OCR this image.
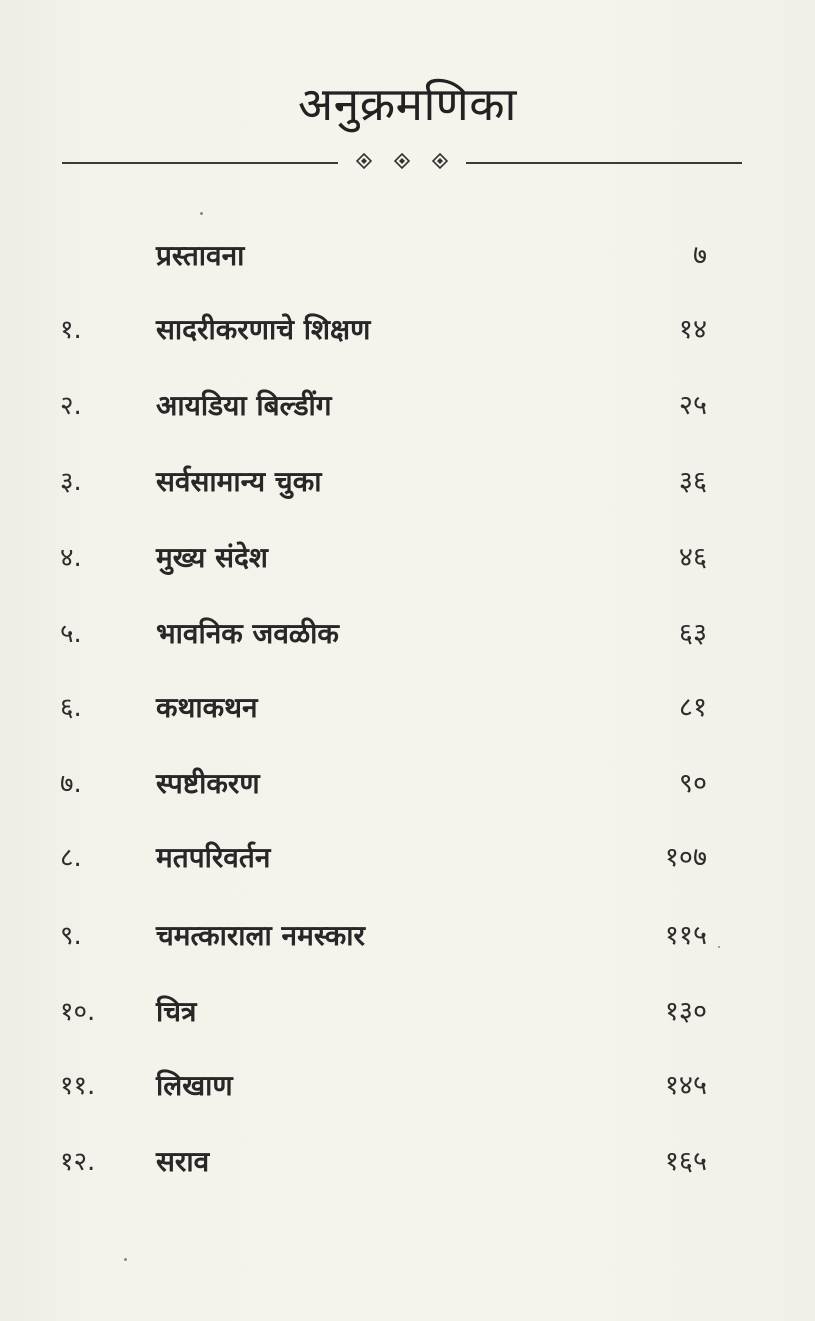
अनुक्रमणिका
प्रस्तावना	७
१.	सादरीकरणाचे शिक्षण	१४
२.	आयडिया बिल्डींग	२५
३.	सर्वसामान्य चुका	३६
४.	मुख्य संदेश	४६
५.	भावनिक जवळीक	६३
६.	कथाकथन	८१
७.	स्पष्टीकरण	९०
८.	मतपरिवर्तन	१०७
९.	चमत्काराला नमस्कार	११५
१०. चित्र	१३०
११. लिखाण	१४५
१२. सराव	१६५
